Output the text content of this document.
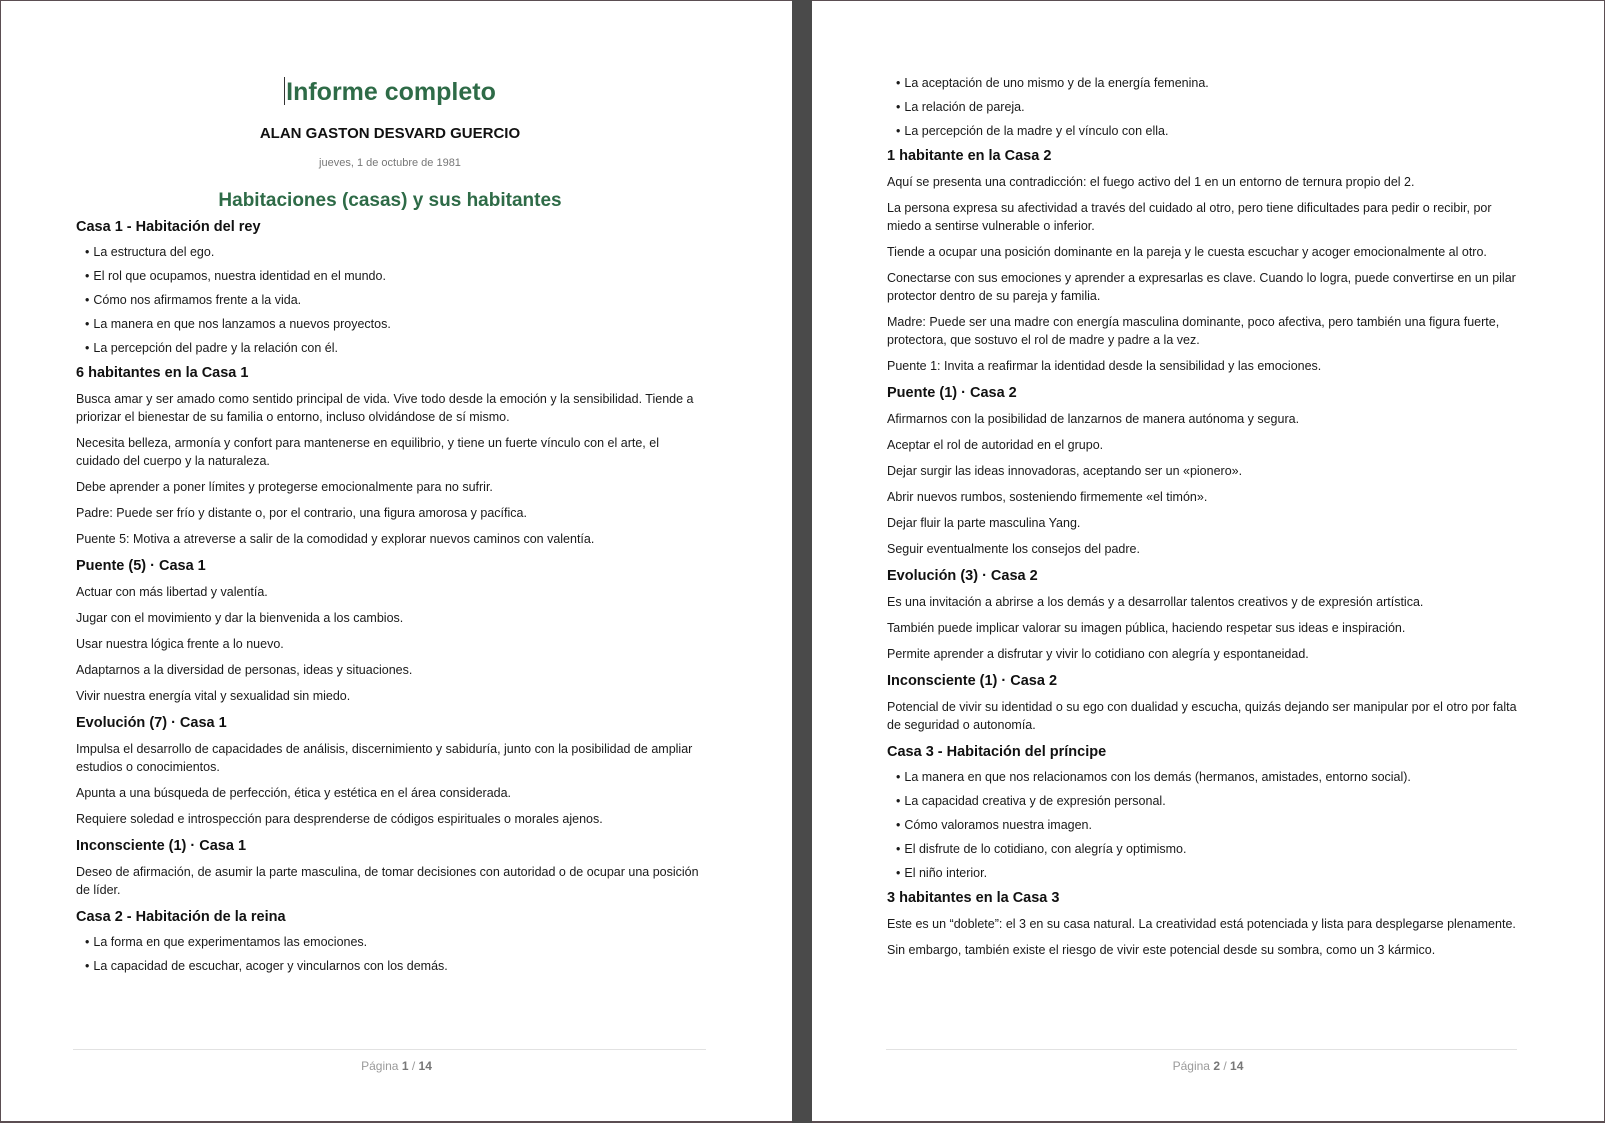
Informe completo
ALAN GASTON DESVARD GUERCIO
jueves, 1 de octubre de 1981
Habitaciones (casas) y sus habitantes
Casa 1 - Habitación del rey
• La estructura del ego.
• El rol que ocupamos, nuestra identidad en el mundo.
• Cómo nos afirmamos frente a la vida.
• La manera en que nos lanzamos a nuevos proyectos.
• La percepción del padre y la relación con él.
6 habitantes en la Casa 1

Busca amar y ser amado como sentido principal de vida. Vive todo desde la emoción y la sensibilidad. Tiende a priorizar el bienestar de su familia o entorno, incluso olvidándose de sí mismo.

Necesita belleza, armonía y confort para mantenerse en equilibrio, y tiene un fuerte vínculo con el arte, el cuidado del cuerpo y la naturaleza.

Debe aprender a poner límites y protegerse emocionalmente para no sufrir.

Padre: Puede ser frío y distante o, por el contrario, una figura amorosa y pacífica.

Puente 5: Motiva a atreverse a salir de la comodidad y explorar nuevos caminos con valentía.

Puente (5) · Casa 1

Actuar con más libertad y valentía.

Jugar con el movimiento y dar la bienvenida a los cambios.

Usar nuestra lógica frente a lo nuevo.

Adaptarnos a la diversidad de personas, ideas y situaciones.

Vivir nuestra energía vital y sexualidad sin miedo.

Evolución (7) · Casa 1

Impulsa el desarrollo de capacidades de análisis, discernimiento y sabiduría, junto con la posibilidad de ampliar estudios o conocimientos.

Apunta a una búsqueda de perfección, ética y estética en el área considerada.

Requiere soledad e introspección para desprenderse de códigos espirituales o morales ajenos.

Inconsciente (1) · Casa 1

Deseo de afirmación, de asumir la parte masculina, de tomar decisiones con autoridad o de ocupar una posición de líder.

Casa 2 - Habitación de la reina
• La forma en que experimentamos las emociones.
• La capacidad de escuchar, acoger y vincularnos con los demás.
Página 1 / 14
• La aceptación de uno mismo y de la energía femenina.
• La relación de pareja.
• La percepción de la madre y el vínculo con ella.
1 habitante en la Casa 2

Aquí se presenta una contradicción: el fuego activo del 1 en un entorno de ternura propio del 2.

La persona expresa su afectividad a través del cuidado al otro, pero tiene dificultades para pedir o recibir, por miedo a sentirse vulnerable o inferior.

Tiende a ocupar una posición dominante en la pareja y le cuesta escuchar y acoger emocionalmente al otro.

Conectarse con sus emociones y aprender a expresarlas es clave. Cuando lo logra, puede convertirse en un pilar protector dentro de su pareja y familia.

Madre: Puede ser una madre con energía masculina dominante, poco afectiva, pero también una figura fuerte, protectora, que sostuvo el rol de madre y padre a la vez.

Puente 1: Invita a reafirmar la identidad desde la sensibilidad y las emociones.

Puente (1) · Casa 2

Afirmarnos con la posibilidad de lanzarnos de manera autónoma y segura.

Aceptar el rol de autoridad en el grupo.

Dejar surgir las ideas innovadoras, aceptando ser un «pionero».

Abrir nuevos rumbos, sosteniendo firmemente «el timón».

Dejar fluir la parte masculina Yang.

Seguir eventualmente los consejos del padre.

Evolución (3) · Casa 2

Es una invitación a abrirse a los demás y a desarrollar talentos creativos y de expresión artística.

También puede implicar valorar su imagen pública, haciendo respetar sus ideas e inspiración.

Permite aprender a disfrutar y vivir lo cotidiano con alegría y espontaneidad.

Inconsciente (1) · Casa 2

Potencial de vivir su identidad o su ego con dualidad y escucha, quizás dejando ser manipular por el otro por falta de seguridad o autonomía.

Casa 3 - Habitación del príncipe
• La manera en que nos relacionamos con los demás (hermanos, amistades, entorno social).
• La capacidad creativa y de expresión personal.
• Cómo valoramos nuestra imagen.
• El disfrute de lo cotidiano, con alegría y optimismo.
• El niño interior.
3 habitantes en la Casa 3

Este es un “doblete”: el 3 en su casa natural. La creatividad está potenciada y lista para desplegarse plenamente.

Sin embargo, también existe el riesgo de vivir este potencial desde su sombra, como un 3 kármico.

Página 2 / 14
